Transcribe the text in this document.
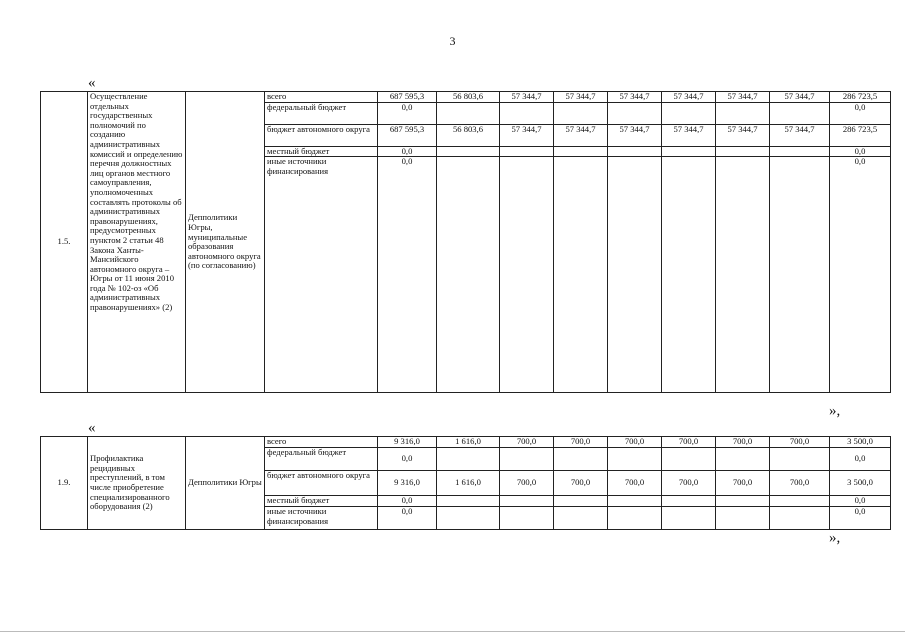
3
«
1.5.	Осуществление отдельных государственных полномочий по созданию административных комиссий и определению перечня должностных лиц органов местного самоуправления, уполномоченных составлять протоколы об административных правонарушениях, предусмотренных пунктом 2 статьи 48 Закона Ханты-Мансийского автономного округа – Югры от 11 июня 2010 года № 102-оз «Об административных правонарушениях» (2)	Депполитики Югры, муниципальные образования автономного округа (по согласованию)	всего	687 595,3	56 803,6	57 344,7	57 344,7	57 344,7	57 344,7	57 344,7	57 344,7	286 723,5
			федеральный бюджет	0,0								0,0
			бюджет автономного округа	687 595,3	56 803,6	57 344,7	57 344,7	57 344,7	57 344,7	57 344,7	57 344,7	286 723,5
			местный бюджет	0,0								0,0
			иные источники финансирования	0,0								0,0
»,
«
1.9.	Профилактика рецидивных преступлений, в том числе приобретение специализированного оборудования (2)	Депполитики Югры	всего	9 316,0	1 616,0	700,0	700,0	700,0	700,0	700,0	700,0	3 500,0
			федеральный бюджет	0,0								0,0
			бюджет автономного округа	9 316,0	1 616,0	700,0	700,0	700,0	700,0	700,0	700,0	3 500,0
			местный бюджет	0,0								0,0
			иные источники финансирования	0,0								0,0
»,
